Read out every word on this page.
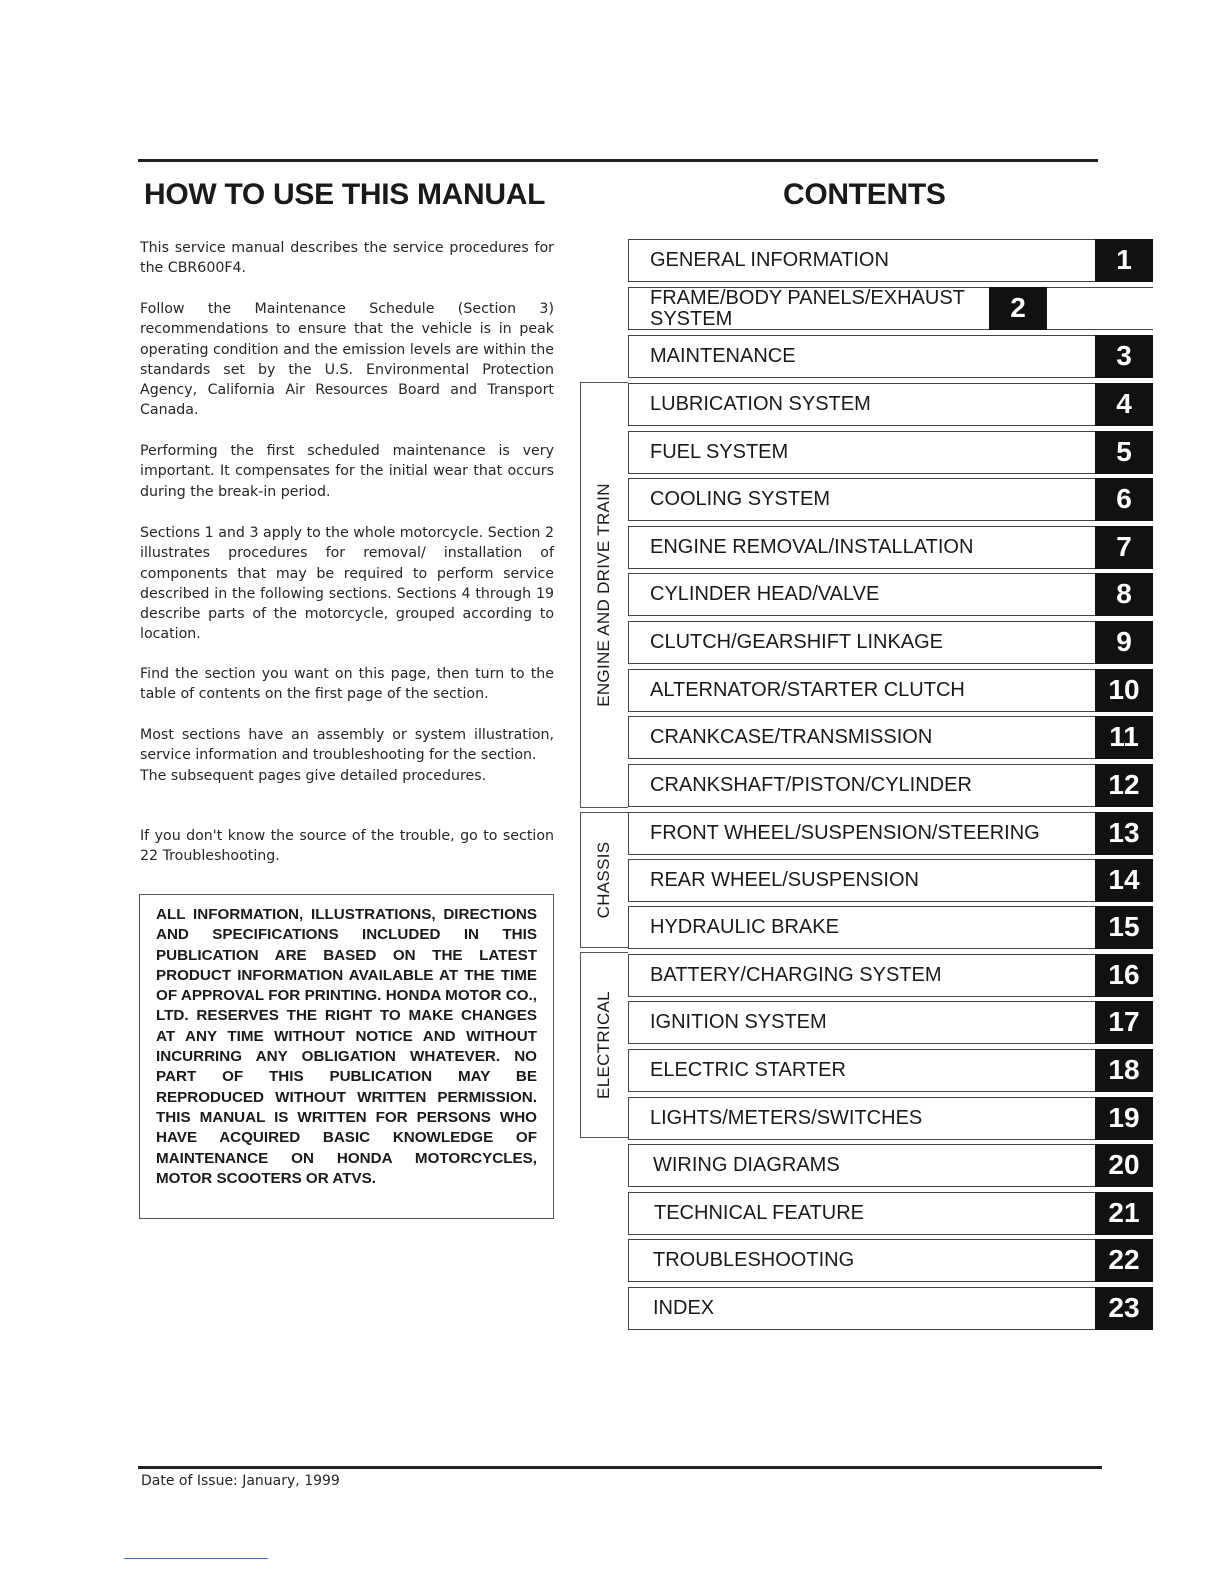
HOW TO USE THIS MANUAL	CONTENTS

This service manual describes the service procedures for the CBR600F4.

Follow the Maintenance Schedule (Section 3) recommendations to ensure that the vehicle is in peak operating condition and the emission levels are within the standards set by the U.S. Environmental Protection Agency, California Air Resources Board and Transport Canada.

Performing the first scheduled maintenance is very important. It compensates for the initial wear that occurs during the break-in period.

Sections 1 and 3 apply to the whole motorcycle. Section 2 illustrates procedures for removal/ installation of components that may be required to perform service described in the following sections. Sections 4 through 19 describe parts of the motorcycle, grouped according to location.

Find the section you want on this page, then turn to the table of contents on the first page of the section.

Most sections have an assembly or system illustration, service information and troubleshooting for the section.
The subsequent pages give detailed procedures.

If you don't know the source of the trouble, go to section 22 Troubleshooting.

ALL INFORMATION, ILLUSTRATIONS, DIRECTIONS AND SPECIFICATIONS INCLUDED IN THIS PUBLICATION ARE BASED ON THE LATEST PRODUCT INFORMATION AVAILABLE AT THE TIME OF APPROVAL FOR PRINTING. HONDA MOTOR CO., LTD. RESERVES THE RIGHT TO MAKE CHANGES AT ANY TIME WITHOUT NOTICE AND WITHOUT INCURRING ANY OBLIGATION WHATEVER. NO PART OF THIS PUBLICATION MAY BE REPRODUCED WITHOUT WRITTEN PERMISSION. THIS MANUAL IS WRITTEN FOR PERSONS WHO HAVE ACQUIRED BASIC KNOWLEDGE OF MAINTENANCE ON HONDA MOTORCYCLES, MOTOR SCOOTERS OR ATVS.

ENGINE AND DRIVE TRAIN
CHASSIS
ELECTRICAL
GENERAL INFORMATION	1
FRAME/BODY PANELS/EXHAUST SYSTEM	2
MAINTENANCE	3
LUBRICATION SYSTEM	4
FUEL SYSTEM	5
COOLING SYSTEM	6
ENGINE REMOVAL/INSTALLATION	7
CYLINDER HEAD/VALVE	8
CLUTCH/GEARSHIFT LINKAGE	9
ALTERNATOR/STARTER CLUTCH	10
CRANKCASE/TRANSMISSION	11
CRANKSHAFT/PISTON/CYLINDER	12
FRONT WHEEL/SUSPENSION/STEERING	13
REAR WHEEL/SUSPENSION	14
HYDRAULIC BRAKE	15
BATTERY/CHARGING SYSTEM	16
IGNITION SYSTEM	17
ELECTRIC STARTER	18
LIGHTS/METERS/SWITCHES	19
WIRING DIAGRAMS	20
TECHNICAL FEATURE	21
TROUBLESHOOTING	22
INDEX	23
Date of Issue: January, 1999
